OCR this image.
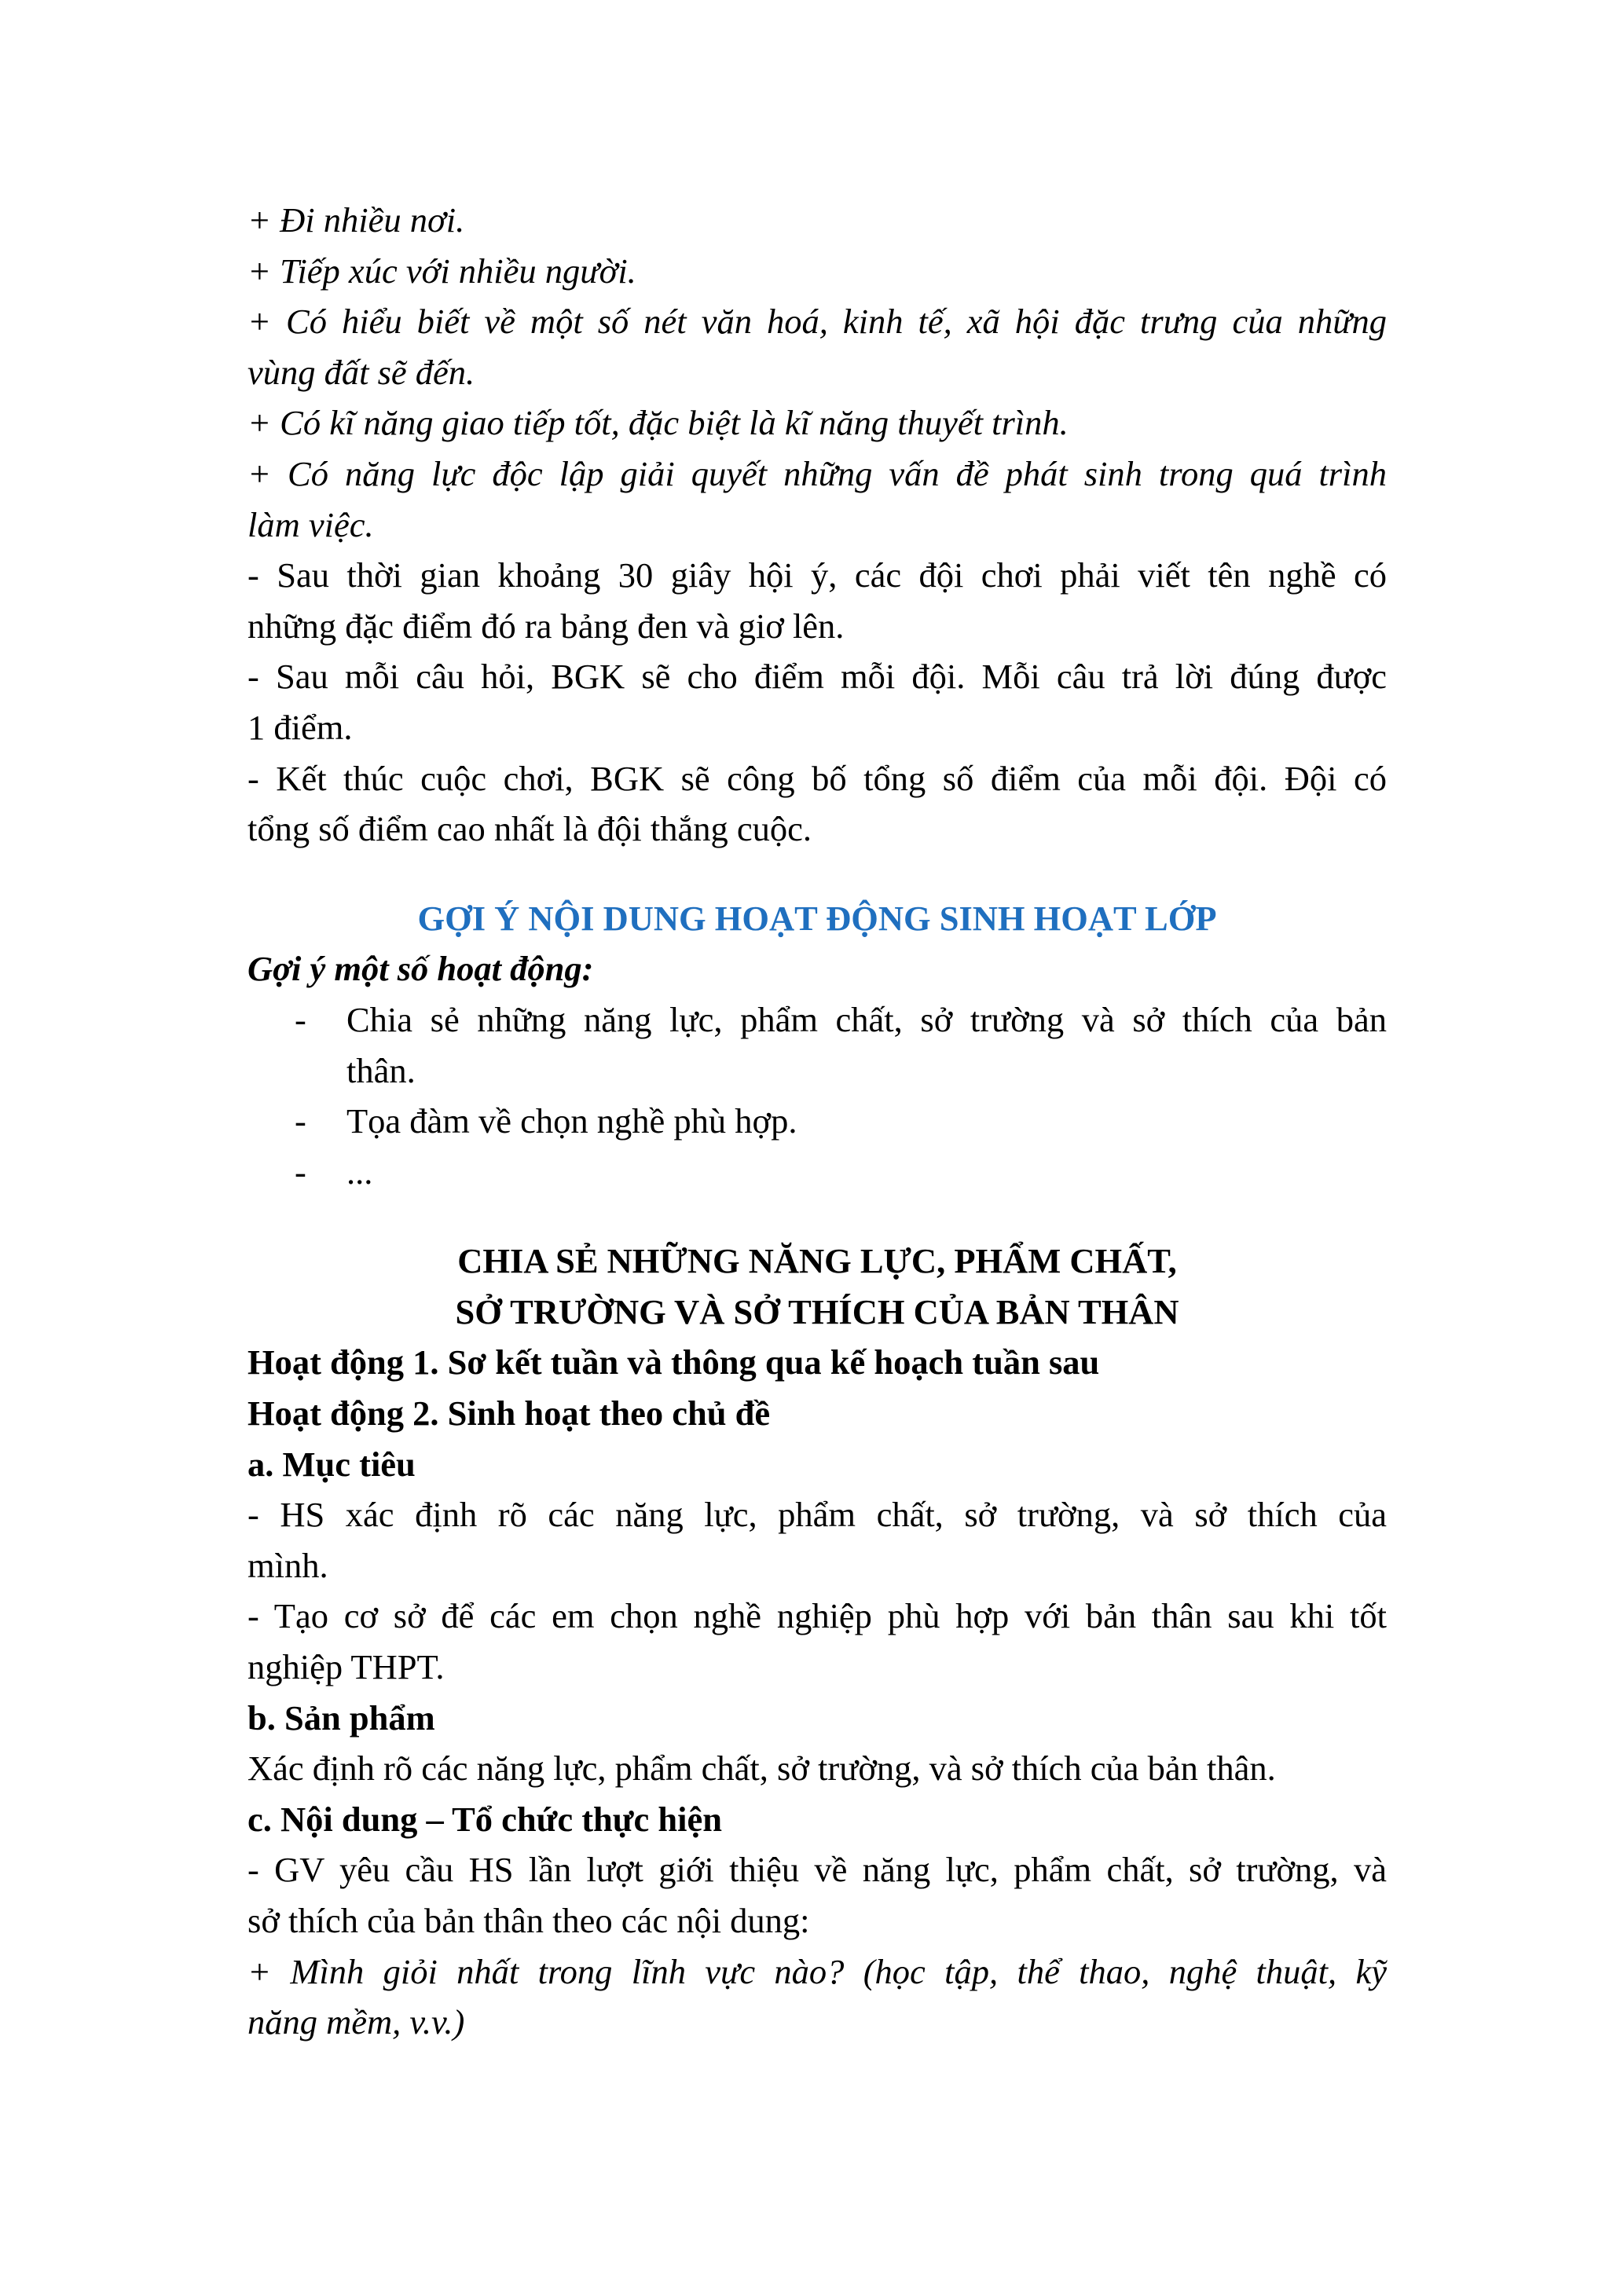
+ Đi nhiều nơi.
+ Tiếp xúc với nhiều người.
+ Có hiểu biết về một số nét văn hoá, kinh tế, xã hội đặc trưng của những
vùng đất sẽ đến.
+ Có kĩ năng giao tiếp tốt, đặc biệt là kĩ năng thuyết trình.
+ Có năng lực độc lập giải quyết những vấn đề phát sinh trong quá trình
làm việc.
- Sau thời gian khoảng 30 giây hội ý, các đội chơi phải viết tên nghề có
những đặc điểm đó ra bảng đen và giơ lên.
- Sau mỗi câu hỏi, BGK sẽ cho điểm mỗi đội. Mỗi câu trả lời đúng được
1 điểm.
- Kết thúc cuộc chơi, BGK sẽ công bố tổng số điểm của mỗi đội. Đội có
tổng số điểm cao nhất là đội thắng cuộc.
GỢI Ý NỘI DUNG HOẠT ĐỘNG SINH HOẠT LỚP
Gợi ý một số hoạt động:
- Chia sẻ những năng lực, phẩm chất, sở trường và sở thích của bản
thân.
- Tọa đàm về chọn nghề phù hợp.
- ...
CHIA SẺ NHỮNG NĂNG LỰC, PHẨM CHẤT,
SỞ TRƯỜNG VÀ SỞ THÍCH CỦA BẢN THÂN
Hoạt động 1. Sơ kết tuần và thông qua kế hoạch tuần sau
Hoạt động 2. Sinh hoạt theo chủ đề
a. Mục tiêu
- HS xác định rõ các năng lực, phẩm chất, sở trường, và sở thích của
mình.
- Tạo cơ sở để các em chọn nghề nghiệp phù hợp với bản thân sau khi tốt
nghiệp THPT.
b. Sản phẩm
Xác định rõ các năng lực, phẩm chất, sở trường, và sở thích của bản thân.
c. Nội dung – Tổ chức thực hiện
- GV yêu cầu HS lần lượt giới thiệu về năng lực, phẩm chất, sở trường, và
sở thích của bản thân theo các nội dung:
+ Mình giỏi nhất trong lĩnh vực nào? (học tập, thể thao, nghệ thuật, kỹ
năng mềm, v.v.)
